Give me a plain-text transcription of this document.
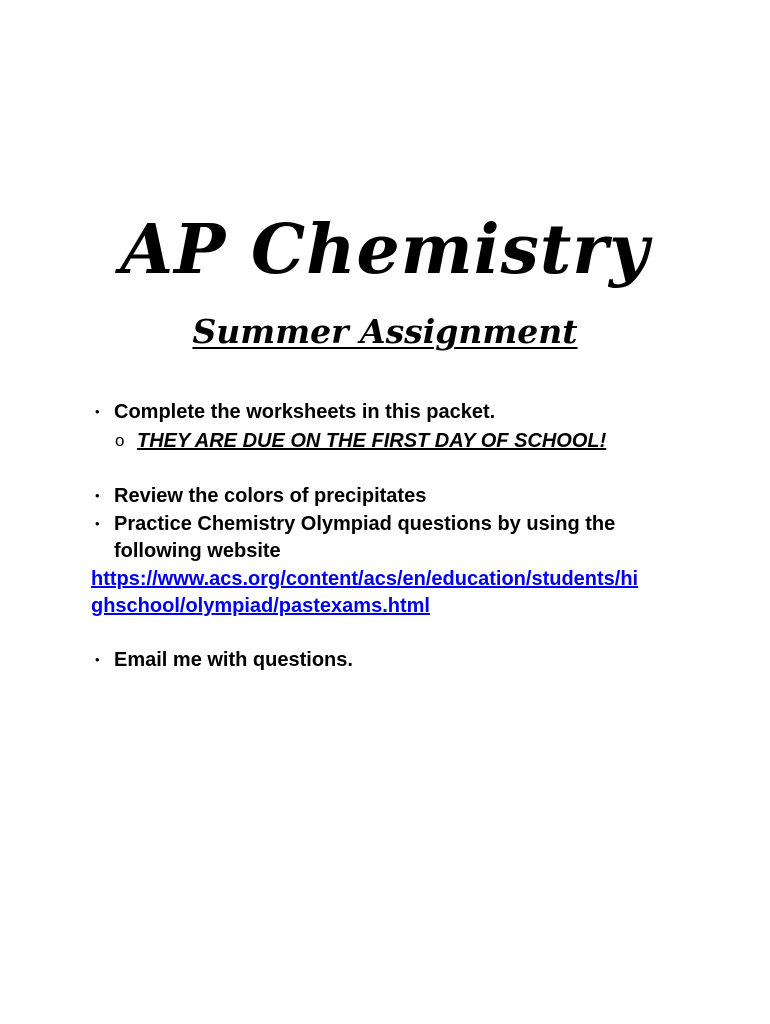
AP Chemistry
Summer Assignment
• Complete the worksheets in this packet.
o THEY ARE DUE ON THE FIRST DAY OF SCHOOL!
• Review the colors of precipitates
• Practice Chemistry Olympiad questions by using the
following website
https://www.acs.org/content/acs/en/education/students/hi
ghschool/olympiad/pastexams.html
• Email me with questions.
